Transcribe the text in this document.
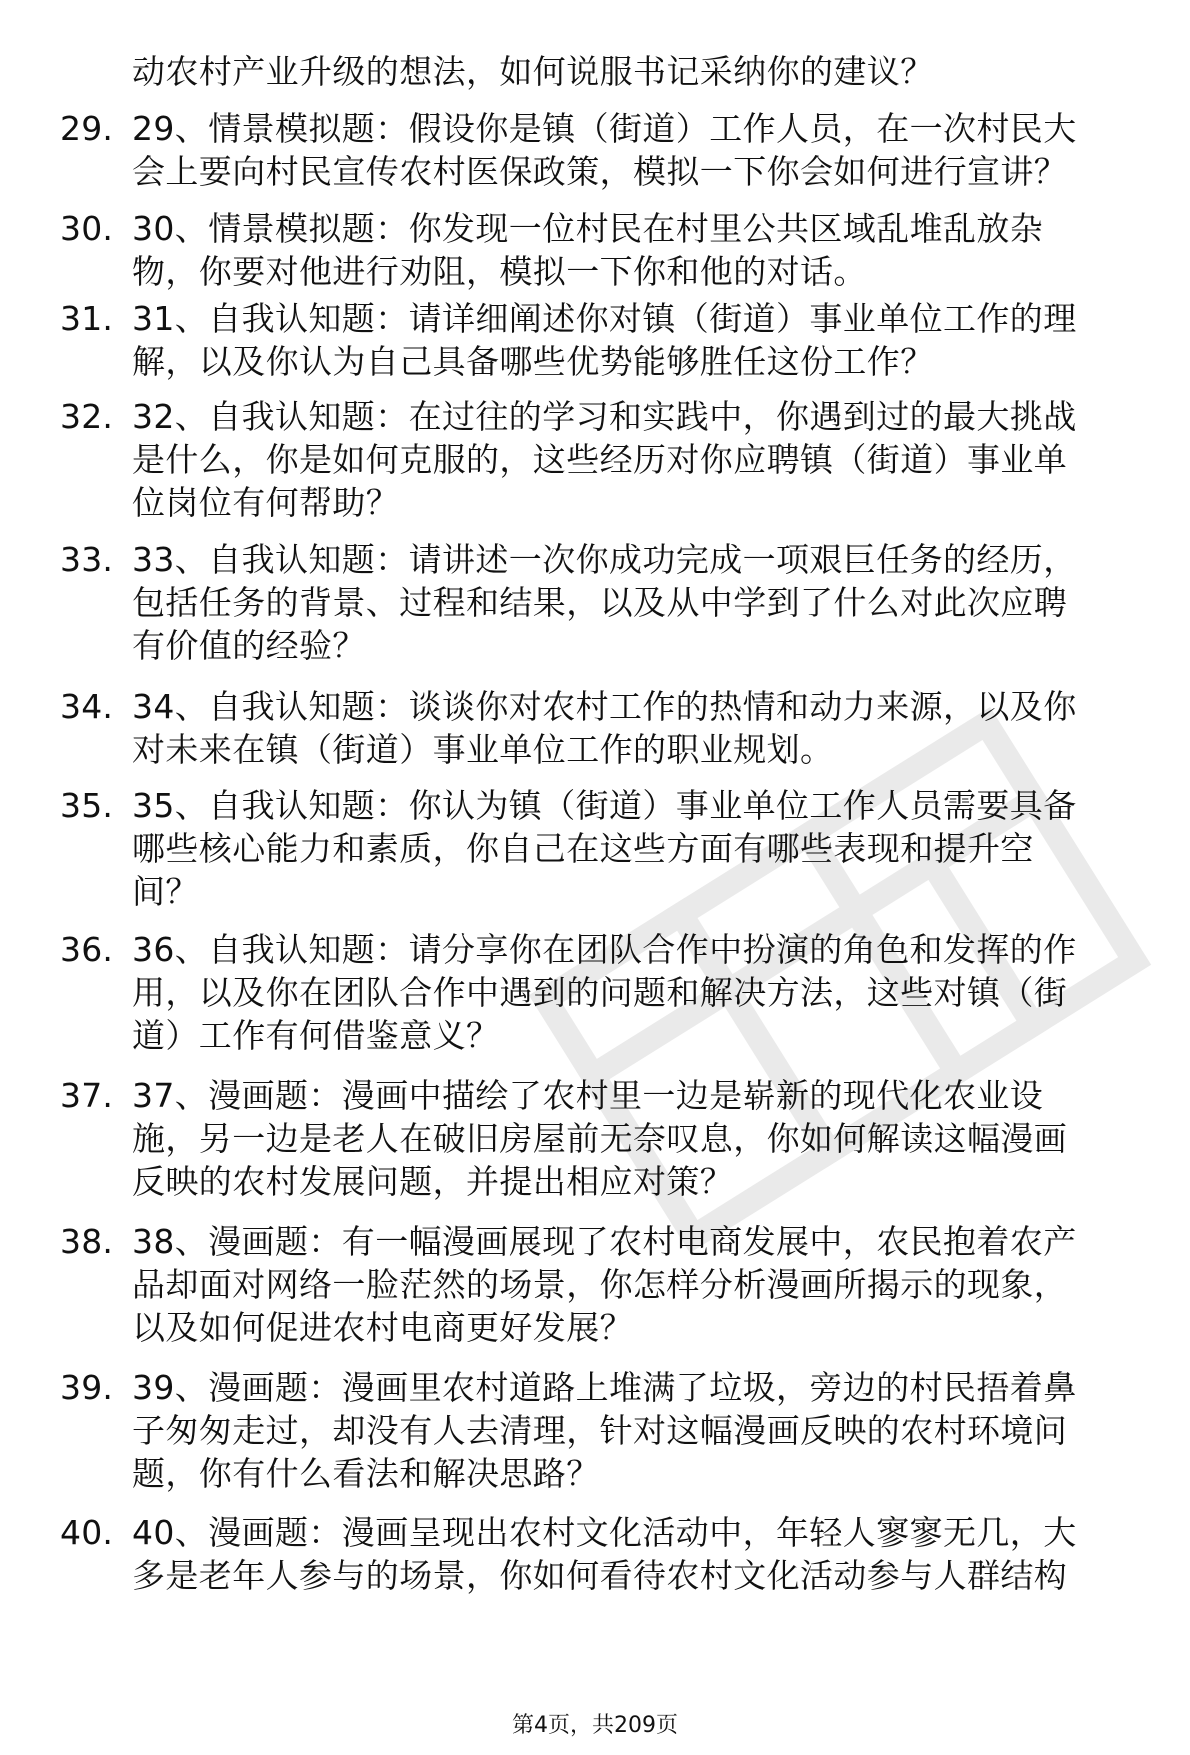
动农村产业升级的想法，如何说服书记采纳你的建议？
29. 29、情景模拟题：假设你是镇（街道）工作人员，在一次村民大
会上要向村民宣传农村医保政策，模拟一下你会如何进行宣讲？
30. 30、情景模拟题：你发现一位村民在村里公共区域乱堆乱放杂
物，你要对他进行劝阻，模拟一下你和他的对话。
31. 31、自我认知题：请详细阐述你对镇（街道）事业单位工作的理
解，以及你认为自己具备哪些优势能够胜任这份工作？
32. 32、自我认知题：在过往的学习和实践中，你遇到过的最大挑战
是什么，你是如何克服的，这些经历对你应聘镇（街道）事业单
位岗位有何帮助？
33. 33、自我认知题：请讲述一次你成功完成一项艰巨任务的经历，
包括任务的背景、过程和结果，以及从中学到了什么对此次应聘
有价值的经验？
34. 34、自我认知题：谈谈你对农村工作的热情和动力来源，以及你
对未来在镇（街道）事业单位工作的职业规划。
35. 35、自我认知题：你认为镇（街道）事业单位工作人员需要具备
哪些核心能力和素质，你自己在这些方面有哪些表现和提升空
间？
36. 36、自我认知题：请分享你在团队合作中扮演的角色和发挥的作
用，以及你在团队合作中遇到的问题和解决方法，这些对镇（街
道）工作有何借鉴意义？
37. 37、漫画题：漫画中描绘了农村里一边是崭新的现代化农业设
施，另一边是老人在破旧房屋前无奈叹息，你如何解读这幅漫画
反映的农村发展问题，并提出相应对策？
38. 38、漫画题：有一幅漫画展现了农村电商发展中，农民抱着农产
品却面对网络一脸茫然的场景，你怎样分析漫画所揭示的现象，
以及如何促进农村电商更好发展？
39. 39、漫画题：漫画里农村道路上堆满了垃圾，旁边的村民捂着鼻
子匆匆走过，却没有人去清理，针对这幅漫画反映的农村环境问
题，你有什么看法和解决思路？
40. 40、漫画题：漫画呈现出农村文化活动中，年轻人寥寥无几，大
多是老年人参与的场景，你如何看待农村文化活动参与人群结构
第4页，共209页
